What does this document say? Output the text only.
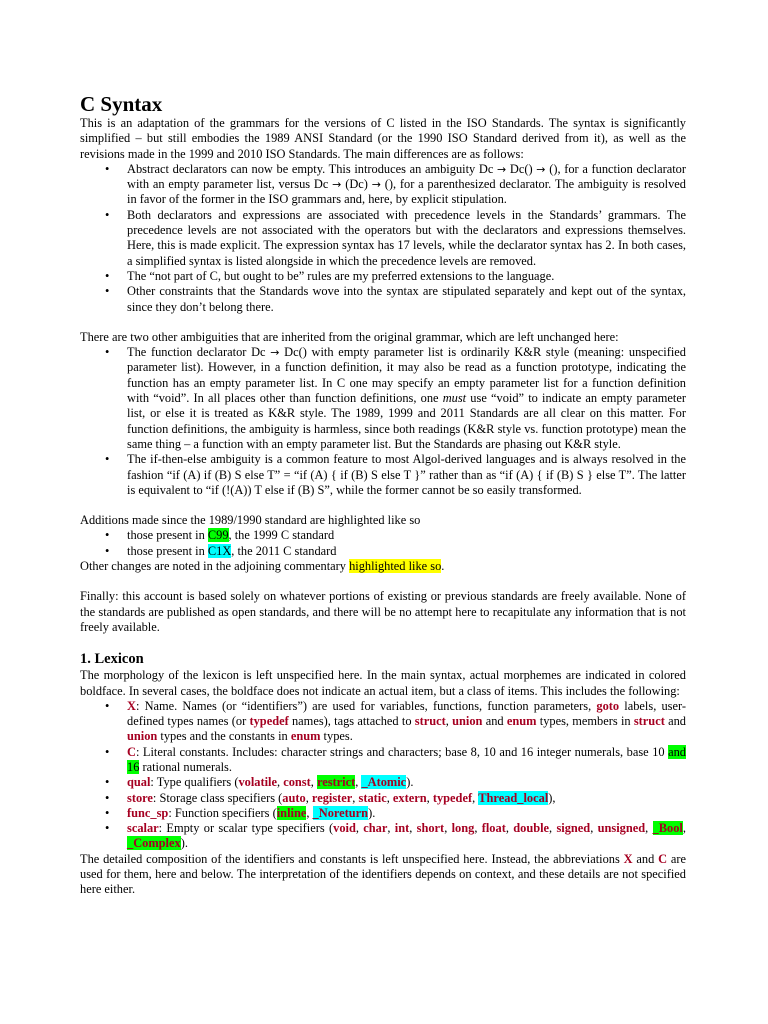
C Syntax

This is an adaptation of the grammars for the versions of C listed in the ISO Standards. The syntax is significantly simplified – but still embodies the 1989 ANSI Standard (or the 1990 ISO Standard derived from it), as well as the revisions made in the 1999 and 2010 ISO Standards. The main differences are as follows:

• Abstract declarators can now be empty. This introduces an ambiguity Dc → Dc() → (), for a function declarator with an empty parameter list, versus Dc → (Dc) → (), for a parenthesized declarator. The ambiguity is resolved in favor of the former in the ISO grammars and, here, by explicit stipulation.
• Both declarators and expressions are associated with precedence levels in the Standards’ grammars. The precedence levels are not associated with the operators but with the declarators and expressions themselves. Here, this is made explicit. The expression syntax has 17 levels, while the declarator syntax has 2. In both cases, a simplified syntax is listed alongside in which the precedence levels are removed.
• The “not part of C, but ought to be” rules are my preferred extensions to the language.
• Other constraints that the Standards wove into the syntax are stipulated separately and kept out of the syntax, since they don’t belong there.

There are two other ambiguities that are inherited from the original grammar, which are left unchanged here:

• The function declarator Dc → Dc() with empty parameter list is ordinarily K&R style (meaning: unspecified parameter list). However, in a function definition, it may also be read as a function prototype, indicating the function has an empty parameter list. In C one may specify an empty parameter list for a function definition with “void”. In all places other than function definitions, one must use “void” to indicate an empty parameter list, or else it is treated as K&R style. The 1989, 1999 and 2011 Standards are all clear on this matter. For function definitions, the ambiguity is harmless, since both readings (K&R style vs. function prototype) mean the same thing – a function with an empty parameter list. But the Standards are phasing out K&R style.
• The if-then-else ambiguity is a common feature to most Algol-derived languages and is always resolved in the fashion “if (A) if (B) S else T” = “if (A) { if (B) S else T }” rather than as “if (A) { if (B) S } else T”. The latter is equivalent to “if (!(A)) T else if (B) S”, while the former cannot be so easily transformed.

Additions made since the 1989/1990 standard are highlighted like so

• those present in C99, the 1999 C standard
• those present in C1X, the 2011 C standard

Other changes are noted in the adjoining commentary highlighted like so.

Finally: this account is based solely on whatever portions of existing or previous standards are freely available. None of the standards are published as open standards, and there will be no attempt here to recapitulate any information that is not freely available.

1. Lexicon

The morphology of the lexicon is left unspecified here. In the main syntax, actual morphemes are indicated in colored boldface. In several cases, the boldface does not indicate an actual item, but a class of items. This includes the following:

• X: Name. Names (or “identifiers”) are used for variables, functions, function parameters, goto labels, user-defined types names (or typedef names), tags attached to struct, union and enum types, members in struct and union types and the constants in enum types.
• C: Literal constants. Includes: character strings and characters; base 8, 10 and 16 integer numerals, base 10 and 16 rational numerals.
• qual: Type qualifiers (volatile, const, restrict, _Atomic).
• store: Storage class specifiers (auto, register, static, extern, typedef, Thread_local),
• func_sp: Function specifiers (inline, _Noreturn).
• scalar: Empty or scalar type specifiers (void, char, int, short, long, float, double, signed, unsigned, _Bool, _Complex).

The detailed composition of the identifiers and constants is left unspecified here. Instead, the abbreviations X and C are used for them, here and below. The interpretation of the identifiers depends on context, and these details are not specified here either.
